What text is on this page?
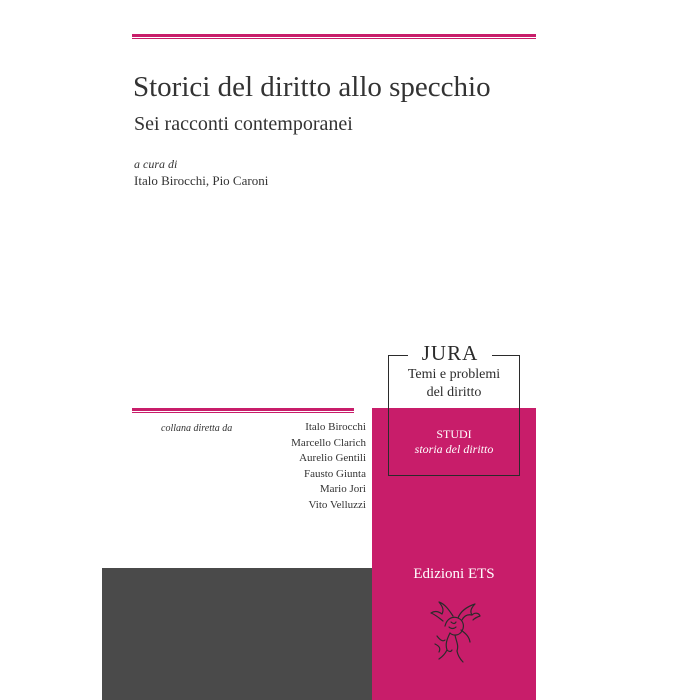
Storici del diritto allo specchio
Sei racconti contemporanei
a cura di
Italo Birocchi, Pio Caroni
JURA
Temi e problemi
del diritto
STUDI
storia del diritto
collana diretta da	Italo Birocchi
Marcello Clarich
Aurelio Gentili
Fausto Giunta
Mario Jori
Vito Velluzzi
Edizioni ETS
